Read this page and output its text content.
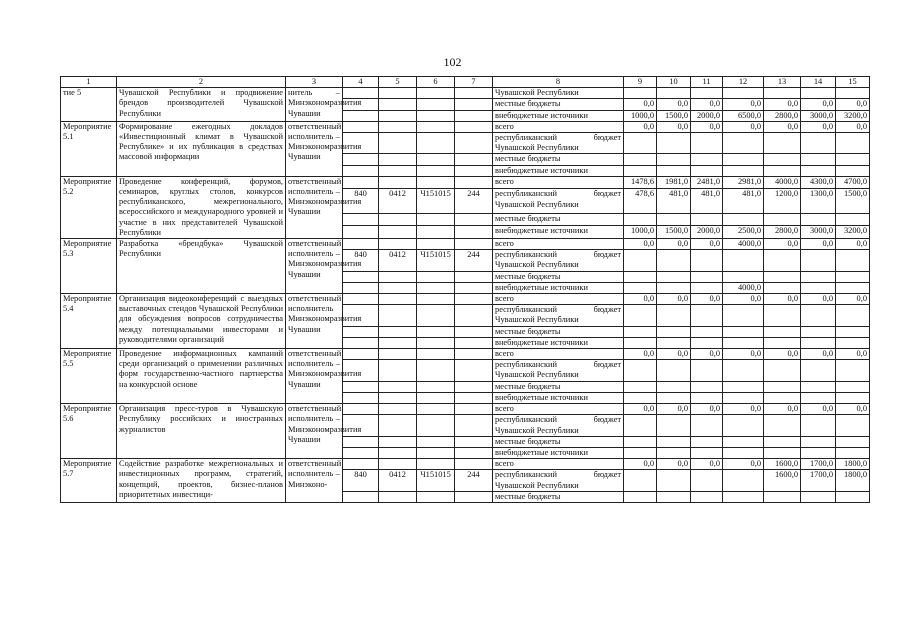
102
1	2	3	4	5	6	7	8	9	10	11	12	13	14	15
тие 5	Чувашской Республики и продвижение брендов производителей Чувашской Республики	нитель – Минэкономразвития Чувашии					Чувашской Республики							
							местные бюджеты	0,0	0,0	0,0	0,0	0,0	0,0	0,0
							внебюджетные источники	1000,0	1500,0	2000,0	6500,0	2800,0	3000,0	3200,0
Мероприятие 5.1	Формирование ежегодных докладов «Инвестиционный климат в Чувашской Республике» и их публикация в средствах массовой информации	ответственный исполнитель – Минэкономразвития Чувашии					всего	0,0	0,0	0,0	0,0	0,0	0,0	0,0
							республиканский бюджет Чувашской Республики							
							местные бюджеты							
							внебюджетные источники							
Мероприятие 5.2	Проведение конференций, форумов, семинаров, круглых столов, конкурсов республиканского, межрегионального, всероссийского и международного уровней и участие в них представителей Чувашской Республики	ответственный исполнитель – Минэкономразвития Чувашии					всего	1478,6	1981,0	2481,0	2981,0	4000,0	4300,0	4700,0
			840	0412	Ч151015	244	республиканский бюджет Чувашской Республики	478,6	481,0	481,0	481,0	1200,0	1300,0	1500,0
							местные бюджеты							
							внебюджетные источники	1000,0	1500,0	2000,0	2500,0	2800,0	3000,0	3200,0
Мероприятие 5.3	Разработка «брендбука» Чувашской Республики	ответственный исполнитель – Минэкономразвития Чувашии					всего	0,0	0,0	0,0	4000,0	0,0	0,0	0,0
			840	0412	Ч151015	244	республиканский бюджет Чувашской Республики							
							местные бюджеты							
							внебюджетные источники				4000,0			
Мероприятие 5.4	Организация видеоконференций с выездных выставочных стендов Чувашской Республики для обсуждения вопросов сотрудничества между потенциальными инвесторами и руководителями организаций	ответственный исполнитель Минэкономразвития Чувашии					всего	0,0	0,0	0,0	0,0	0,0	0,0	0,0
							республиканский бюджет Чувашской Республики							
							местные бюджеты							
							внебюджетные источники							
Мероприятие 5.5	Проведение информационных кампаний среди организаций о применении различных форм государственно-частного партнерства на конкурсной основе	ответственный исполнитель – Минэкономразвития Чувашии					всего	0,0	0,0	0,0	0,0	0,0	0,0	0,0
							республиканский бюджет Чувашской Республики							
							местные бюджеты							
							внебюджетные источники							
Мероприятие 5.6	Организация пресс-туров в Чувашскую Республику российских и иностранных журналистов	ответственный исполнитель – Минэкономразвития Чувашии					всего	0,0	0,0	0,0	0,0	0,0	0,0	0,0
							республиканский бюджет Чувашской Республики							
							местные бюджеты							
							внебюджетные источники							
Мероприятие 5.7	Содействие разработке межрегиональных и инвестиционных программ, стратегий, концепций, проектов, бизнес-планов приоритетных инвестици-	ответственный исполнитель – Минэконо-					всего	0,0	0,0	0,0	0,0	1600,0	1700,0	1800,0
			840	0412	Ч151015	244	республиканский бюджет Чувашской Республики					1600,0	1700,0	1800,0
							местные бюджеты							
